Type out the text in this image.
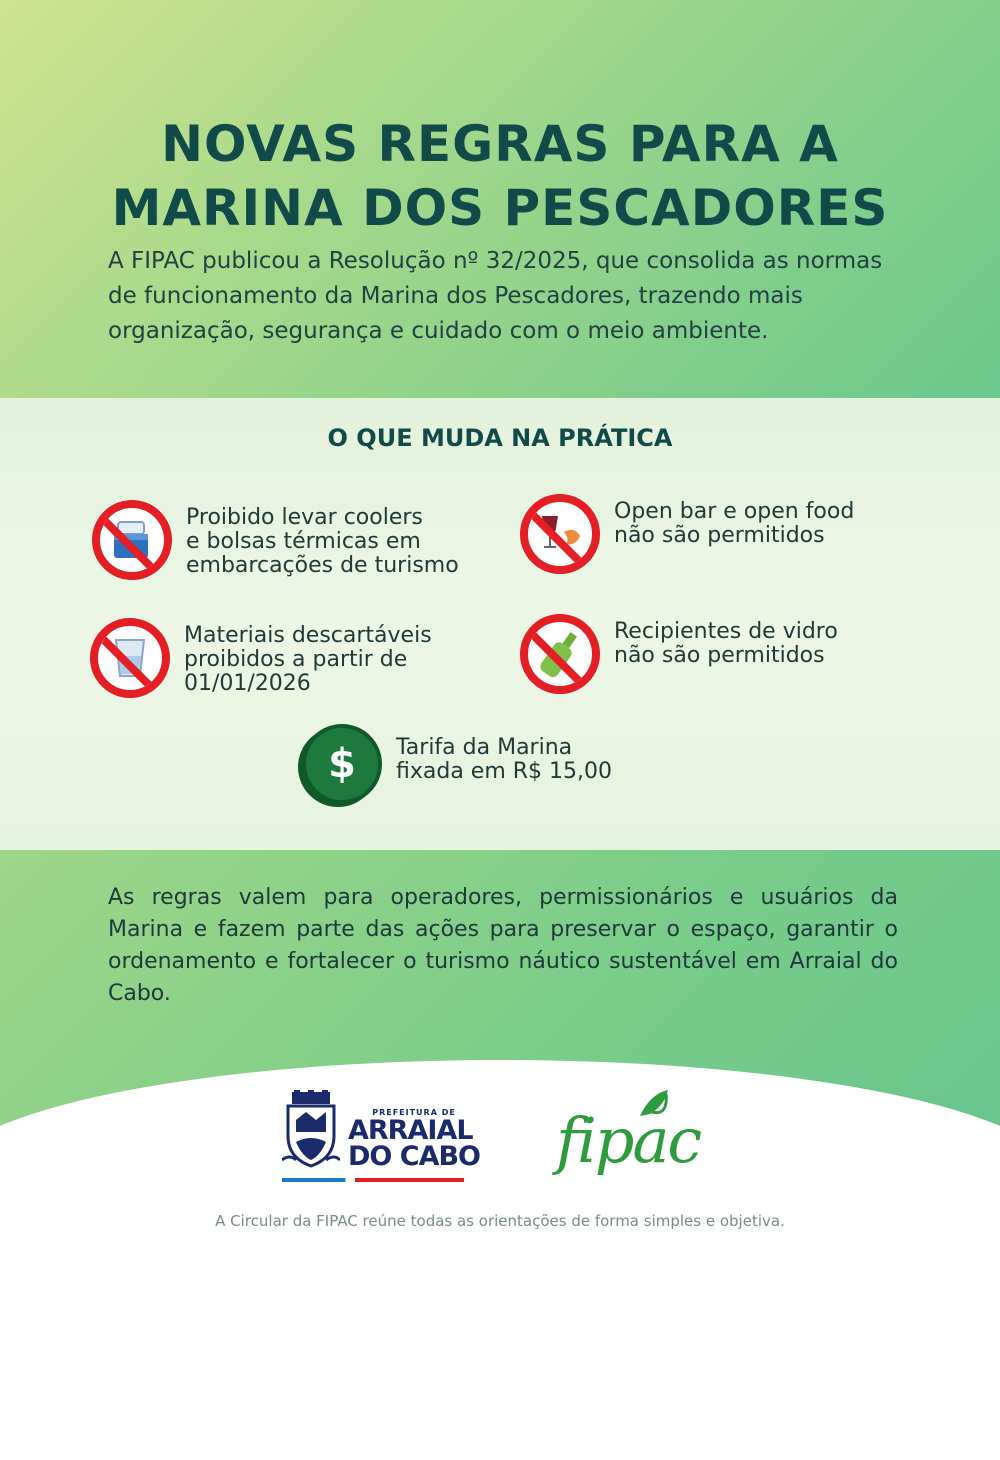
NOVAS REGRAS PARA A
MARINA DOS PESCADORES
A FIPAC publicou a Resolução nº 32/2025, que consolida as normas de funcionamento da Marina dos Pescadores, trazendo mais organização, segurança e cuidado com o meio ambiente.
O QUE MUDA NA PRÁTICA
Proibido levar coolers
e bolsas térmicas em
embarcações de turismo
Open bar e open food
não são permitidos
Materiais descartáveis
proibidos a partir de
01/01/2026
Recipientes de vidro
não são permitidos
$	Tarifa da Marina
fixada em R$ 15,00
As regras valem para operadores, permissionários e usuários da Marina e fazem parte das ações para preservar o espaço, garantir o ordenamento e fortalecer o turismo náutico sustentável em Arraial do Cabo.
PREFEITURA DE
ARRAIAL
DO CABO fipac
A Circular da FIPAC reúne todas as orientações de forma simples e objetiva.
